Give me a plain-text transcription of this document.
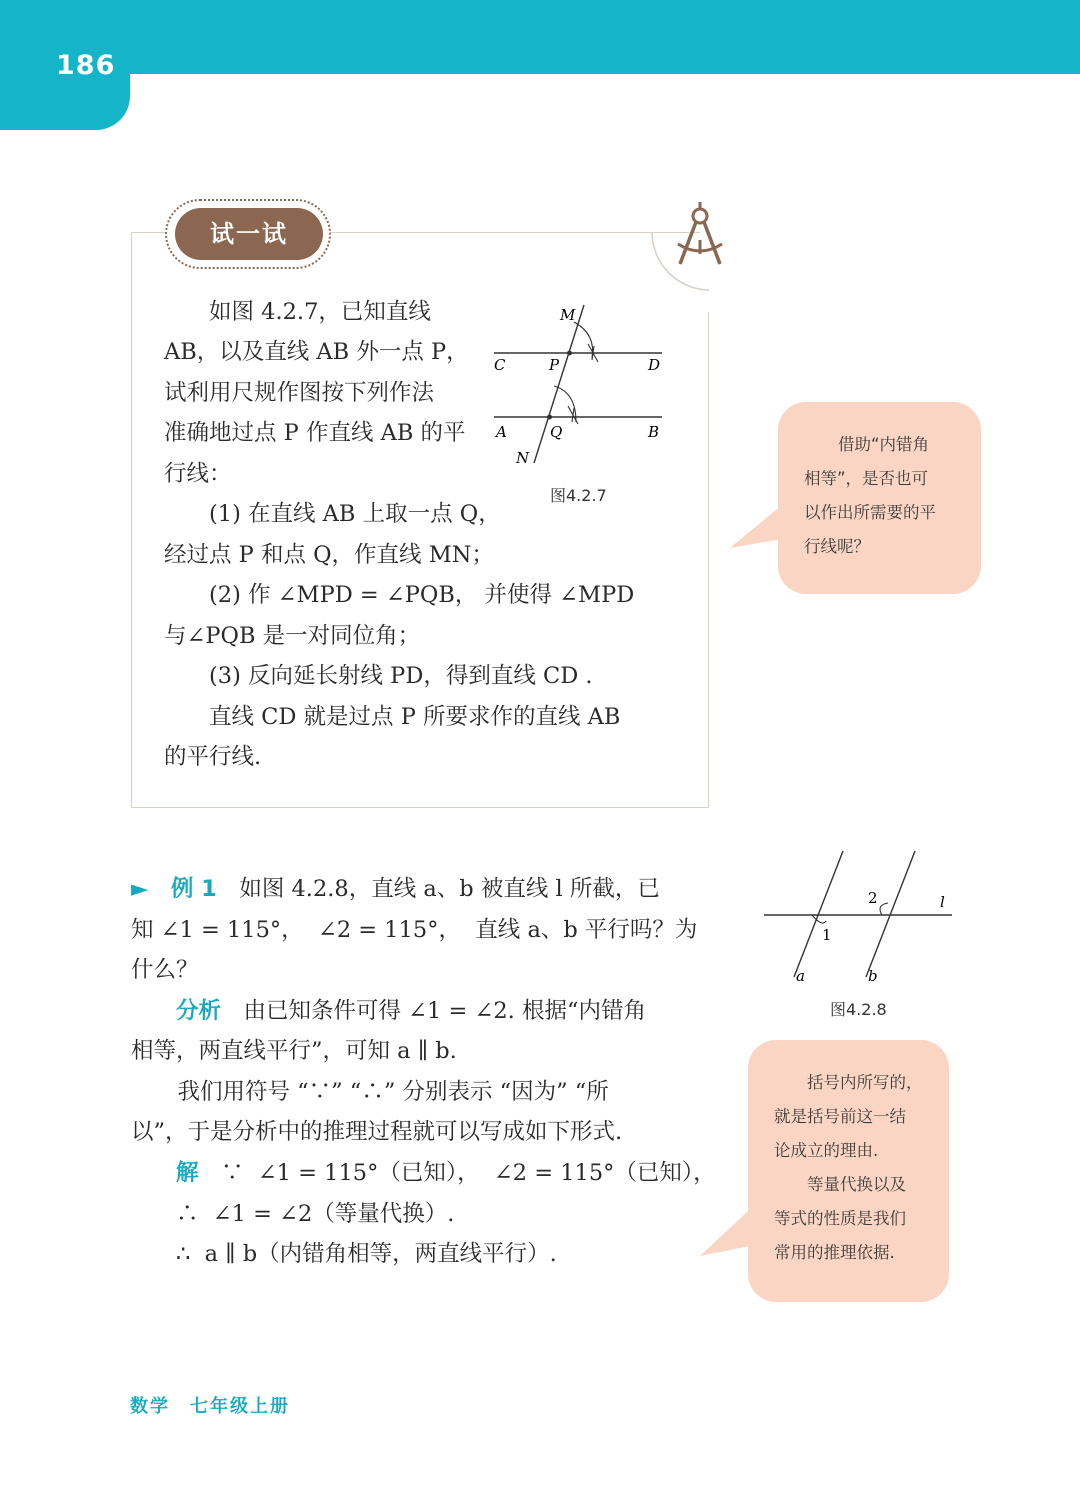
186
试一试
　　如图 4.2.7，已知直线
AB，以及直线 AB 外一点 P，
试利用尺规作图按下列作法
准确地过点 P 作直线 AB 的平
行线：
　　(1) 在直线 AB 上取一点 Q，
经过点 P 和点 Q，作直线 MN；
　　(2) 作 ∠MPD = ∠PQB， 并使得 ∠MPD
与∠PQB 是一对同位角；
　　(3) 反向延长射线 PD，得到直线 CD .
　　直线 CD 就是过点 P 所要求作的直线 AB
的平行线.
M
C	P	D
A	Q	B
N
图4.2.7
借助“内错角
相等”，是否也可
以作出所需要的平
行线呢？
►　 例 1　 如图 4.2.8，直线 a、b 被直线 l 所截，已
知 ∠1 = 115°，  ∠2 = 115°，  直线 a、b 平行吗？为
什么？
分析　 由已知条件可得 ∠1 = ∠2. 根据“内错角
相等，两直线平行”，可知 a ∥ b.
　我们用符号 “∵” “∴” 分别表示 “因为” “所
以”，于是分析中的推理过程就可以写成如下形式.
解　∵  ∠1 = 115°（已知），  ∠2 = 115°（已知），
∴  ∠1 = ∠2（等量代换）.
∴  a ∥ b（内错角相等，两直线平行）.
1
2	l
a	b
图4.2.8
　　括号内所写的，
就是括号前这一结
论成立的理由.
　　等量代换以及
等式的性质是我们
常用的推理依据.
数学　七年级上册
